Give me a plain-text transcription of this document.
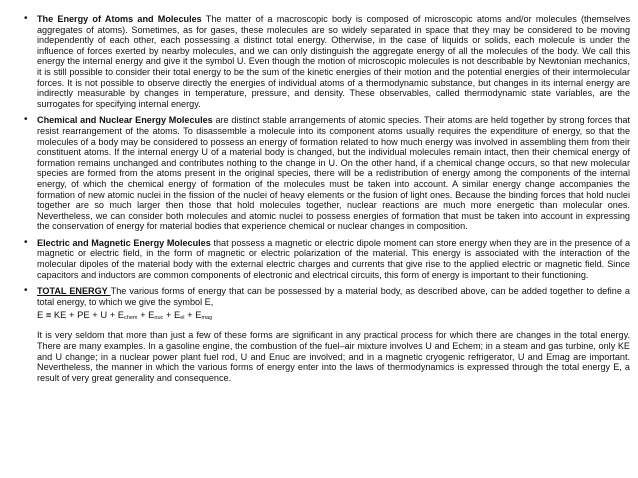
• The Energy of Atoms and Molecules The matter of a macroscopic body is composed of microscopic atoms and/or molecules (themselves aggregates of atoms). Sometimes, as for gases, these molecules are so widely separated in space that they may be considered to be moving independently of each other, each possessing a distinct total energy. Otherwise, in the case of liquids or solids, each molecule is under the influence of forces exerted by nearby molecules, and we can only distinguish the aggregate energy of all the molecules of the body. We call this energy the internal energy and give it the symbol U. Even though the motion of microscopic molecules is not describable by Newtonian mechanics, it is still possible to consider their total energy to be the sum of the kinetic energies of their motion and the potential energies of their intermolecular forces. It is not possible to observe directly the energies of individual atoms of a thermodynamic substance, but changes in its internal energy are indirectly measurable by changes in temperature, pressure, and density. These observables, called thermodynamic state variables, are the surrogates for specifying internal energy.
• Chemical and Nuclear Energy Molecules are distinct stable arrangements of atomic species. Their atoms are held together by strong forces that resist rearrangement of the atoms. To disassemble a molecule into its component atoms usually requires the expenditure of energy, so that the molecules of a body may be considered to possess an energy of formation related to how much energy was involved in assembling them from their constituent atoms. If the internal energy U of a material body is changed, but the individual molecules remain intact, then their chemical energy of formation remains unchanged and contributes nothing to the change in U. On the other hand, if a chemical change occurs, so that new molecular species are formed from the atoms present in the original species, there will be a redistribution of energy among the components of the internal energy, of which the chemical energy of formation of the molecules must be taken into account. A similar energy change accompanies the formation of new atomic nuclei in the fission of the nuclei of heavy elements or the fusion of light ones. Because the binding forces that hold nuclei together are so much larger then those that hold molecules together, nuclear reactions are much more energetic than molecular ones. Nevertheless, we can consider both molecules and atomic nuclei to possess energies of formation that must be taken into account in expressing the conservation of energy for material bodies that experience chemical or nuclear changes in composition.
• Electric and Magnetic Energy Molecules that possess a magnetic or electric dipole moment can store energy when they are in the presence of a magnetic or electric field, in the form of magnetic or electric polarization of the material. This energy is associated with the interaction of the molecular dipoles of the material body with the external electric charges and currents that give rise to the applied electric or magnetic field. Since capacitors and inductors are common components of electronic and electrical circuits, this form of energy is important to their functioning.
• TOTAL ENERGY The various forms of energy that can be possessed by a material body, as described above, can be added together to define a total energy, to which we give the symbol E,
E ≡ KE + PE + $U + E_{chem} + E_{nuc} + E_{el} + E_{mag}$
It is very seldom that more than just a few of these forms are significant in any practical process for which there are changes in the total energy. There are many examples. In a gasoline engine, the combustion of the fuel–air mixture involves U and Echem; in a steam and gas turbine, only KE and U change; in a nuclear power plant fuel rod, U and Enuc are involved; and in a magnetic cryogenic refrigerator, U and Emag are important. Nevertheless, the manner in which the various forms of energy enter into the laws of thermodynamics is expressed through the total energy E, a result of very great generality and consequence.
